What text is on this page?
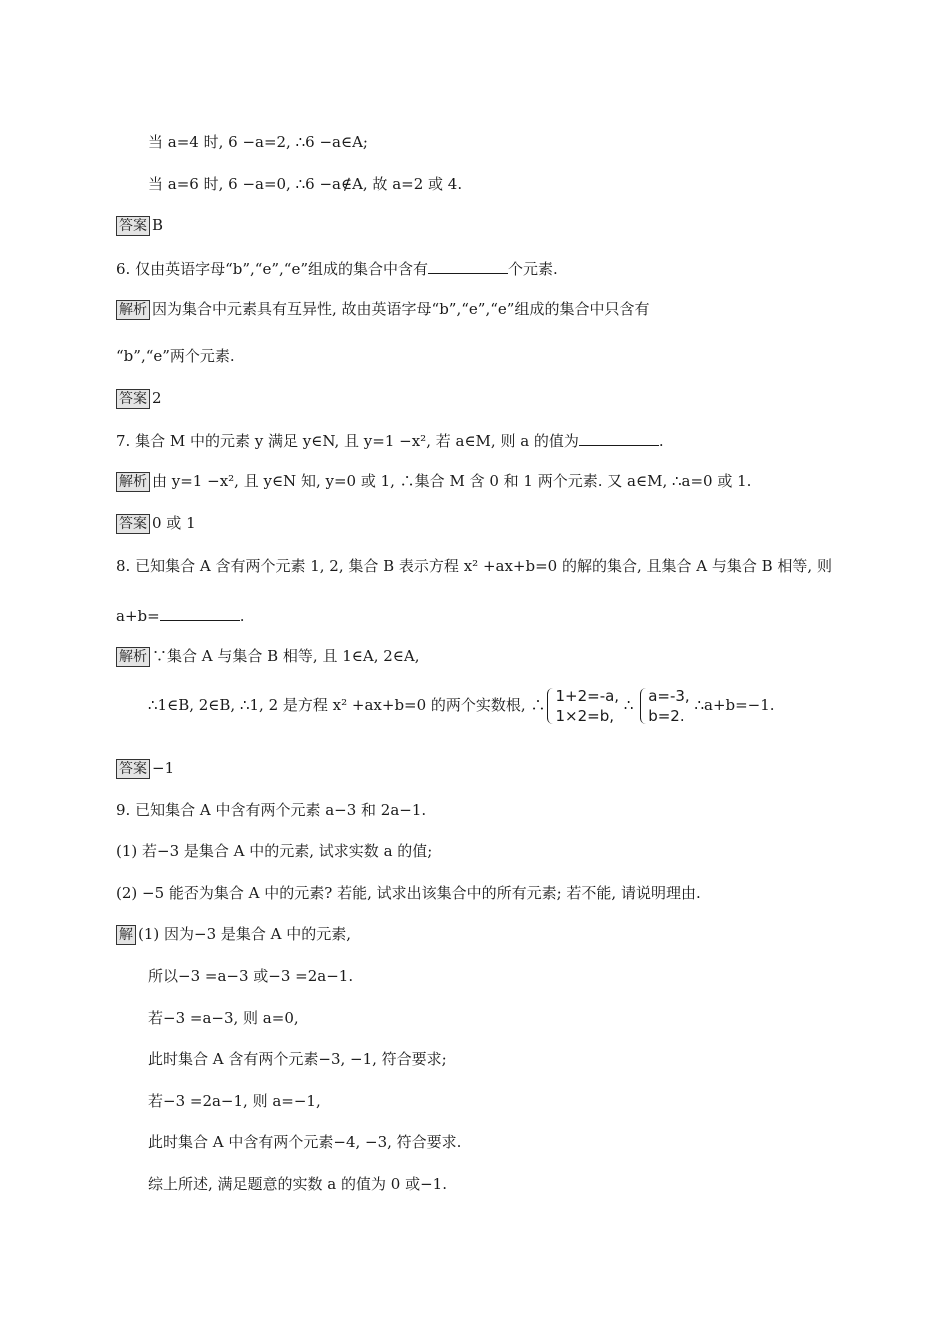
当 a=4 时, 6 −a=2, ∴6 −a∈A;
当 a=6 时, 6 −a=0, ∴6 −a∉A, 故 a=2 或 4.
答案 B
6. 仅由英语字母“b”,“e”,“e”组成的集合中含有	个元素.
解析 因为集合中元素具有互异性, 故由英语字母“b”,“e”,“e”组成的集合中只含有
“b”,“e”两个元素.
答案 2
7. 集合 M 中的元素 y 满足 y∈N, 且 y=1 −x², 若 a∈M, 则 a 的值为	.
解析 由 y=1 −x², 且 y∈N 知, y=0 或 1, ∴集合 M 含 0 和 1 两个元素. 又 a∈M, ∴a=0 或 1.
答案 0 或 1
8. 已知集合 A 含有两个元素 1, 2, 集合 B 表示方程 x² +ax+b=0 的解的集合, 且集合 A 与集合 B 相等, 则
a+b=	.
解析 ∵集合 A 与集合 B 相等, 且 1∈A, 2∈A,
∴1∈B, 2∈B, ∴1, 2 是方程 x² +ax+b=0 的两个实数根, ∴ 1+2=-a,
1×2=b,
∴ a=-3,
b=2.
∴a+b=−1.
答案 −1
9. 已知集合 A 中含有两个元素 a−3 和 2a−1.
(1) 若−3 是集合 A 中的元素, 试求实数 a 的值;
(2) −5 能否为集合 A 中的元素? 若能, 试求出该集合中的所有元素; 若不能, 请说明理由.
解 (1) 因为−3 是集合 A 中的元素,
所以−3 =a−3 或−3 =2a−1.
若−3 =a−3, 则 a=0,
此时集合 A 含有两个元素−3, −1, 符合要求;
若−3 =2a−1, 则 a=−1,
此时集合 A 中含有两个元素−4, −3, 符合要求.
综上所述, 满足题意的实数 a 的值为 0 或−1.
